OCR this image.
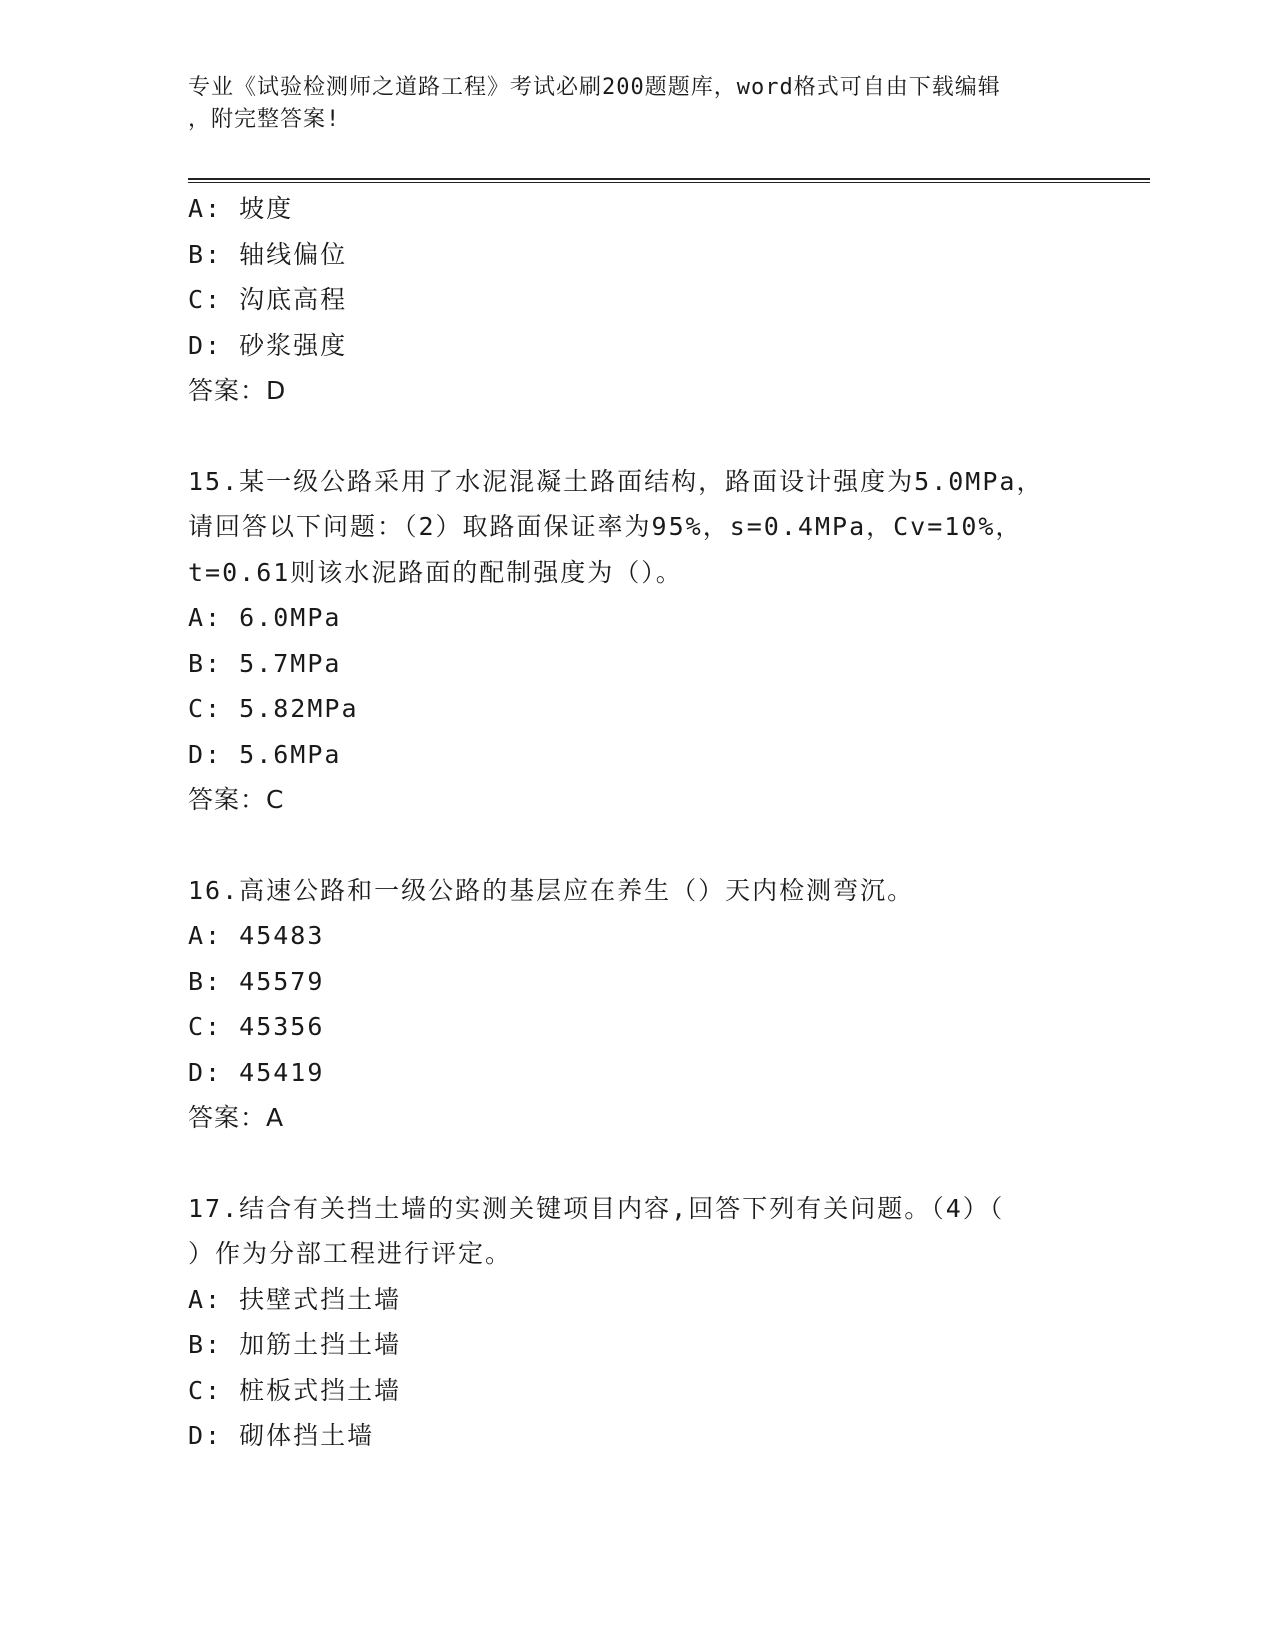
专业《试验检测师之道路工程》考试必刷200题题库，word格式可自由下载编辑
，附完整答案!
A: 坡度
B: 轴线偏位
C: 沟底高程
D: 砂浆强度
答案：D
15.某一级公路采用了水泥混凝土路面结构，路面设计强度为5.0MPa，
请回答以下问题：（2）取路面保证率为95%，s=0.4MPa，Cv=10%，
t=0.61则该水泥路面的配制强度为（）。
A: 6.0MPa
B: 5.7MPa
C: 5.82MPa
D: 5.6MPa
答案：C
16.高速公路和一级公路的基层应在养生（）天内检测弯沉。
A: 45483
B: 45579
C: 45356
D: 45419
答案：A
17.结合有关挡土墙的实测关键项目内容,回答下列有关问题。（4）（
）作为分部工程进行评定。
A: 扶壁式挡土墙
B: 加筋土挡土墙
C: 桩板式挡土墙
D: 砌体挡土墙
